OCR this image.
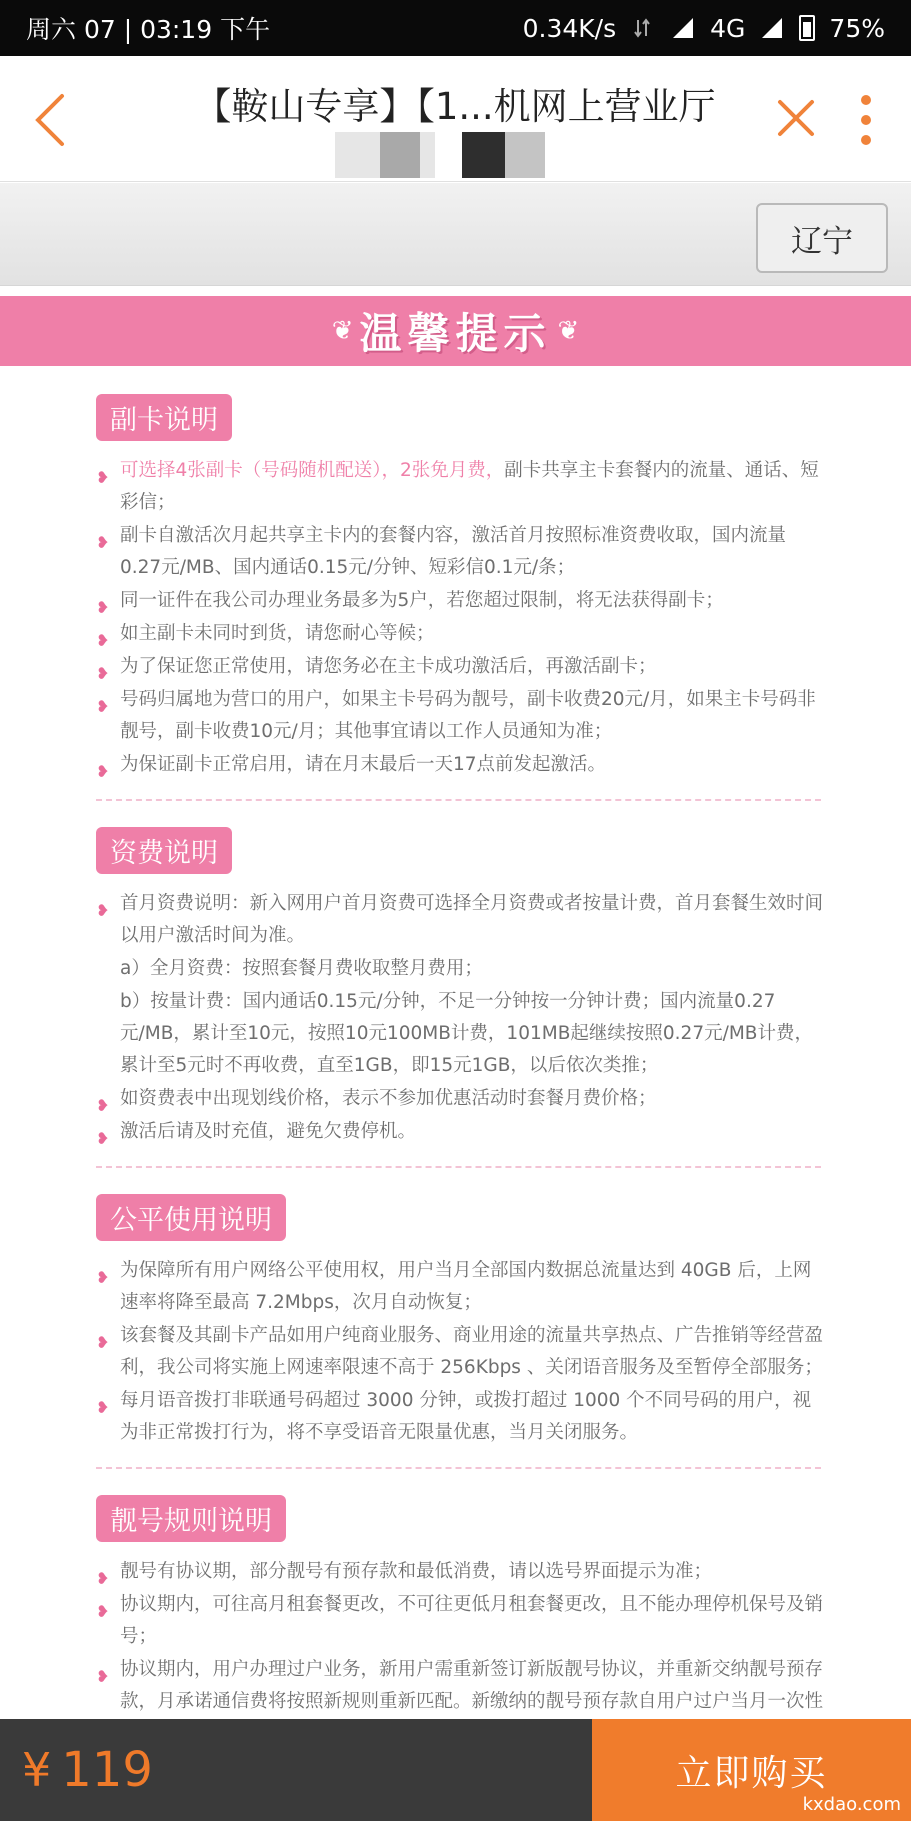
周六 07 | 03:19 下午	0.34K/s	4G	75%
【鞍山专享】【1...机网上营业厅
辽宁
❦ 温馨提示 ❦
副卡说明
❥ 可选择4张副卡（号码随机配送），2张免月费，副卡共享主卡套餐内的流量、通话、短彩信；
❥ 副卡自激活次月起共享主卡内的套餐内容，激活首月按照标准资费收取，国内流量0.27元/MB、国内通话0.15元/分钟、短彩信0.1元/条；
❥ 同一证件在我公司办理业务最多为5户，若您超过限制，将无法获得副卡；
❥ 如主副卡未同时到货，请您耐心等候；
❥ 为了保证您正常使用，请您务必在主卡成功激活后，再激活副卡；
❥ 号码归属地为营口的用户，如果主卡号码为靓号，副卡收费20元/月，如果主卡号码非靓号，副卡收费10元/月；其他事宜请以工作人员通知为准；
❥ 为保证副卡正常启用，请在月末最后一天17点前发起激活。
资费说明
❥ 首月资费说明：新入网用户首月资费可选择全月资费或者按量计费，首月套餐生效时间以用户激活时间为准。
a）全月资费：按照套餐月费收取整月费用；
b）按量计费：国内通话0.15元/分钟，不足一分钟按一分钟计费；国内流量0.27元/MB，累计至10元，按照10元100MB计费，101MB起继续按照0.27元/MB计费，累计至5元时不再收费，直至1GB，即15元1GB，以后依次类推；
❥ 如资费表中出现划线价格，表示不参加优惠活动时套餐月费价格；
❥ 激活后请及时充值，避免欠费停机。
公平使用说明
❥ 为保障所有用户网络公平使用权，用户当月全部国内数据总流量达到 40GB 后，上网速率将降至最高 7.2Mbps，次月自动恢复；
❥ 该套餐及其副卡产品如用户纯商业服务、商业用途的流量共享热点、广告推销等经营盈利，我公司将实施上网速率限速不高于 256Kbps 、关闭语音服务及至暂停全部服务；
❥ 每月语音拨打非联通号码超过 3000 分钟，或拨打超过 1000 个不同号码的用户，视为非正常拨打行为，将不享受语音无限量优惠，当月关闭服务。
靓号规则说明
❥ 靓号有协议期，部分靓号有预存款和最低消费，请以选号界面提示为准；
❥ 协议期内，可往高月租套餐更改，不可往更低月租套餐更改，且不能办理停机保号及销号；
❥ 协议期内，用户办理过户业务，新用户需重新签订新版靓号协议，并重新交纳靓号预存款，月承诺通信费将按照新规则重新匹配。新缴纳的靓号预存款自用户过户当月一次性
¥ 119	立即购买
kxdao.com
